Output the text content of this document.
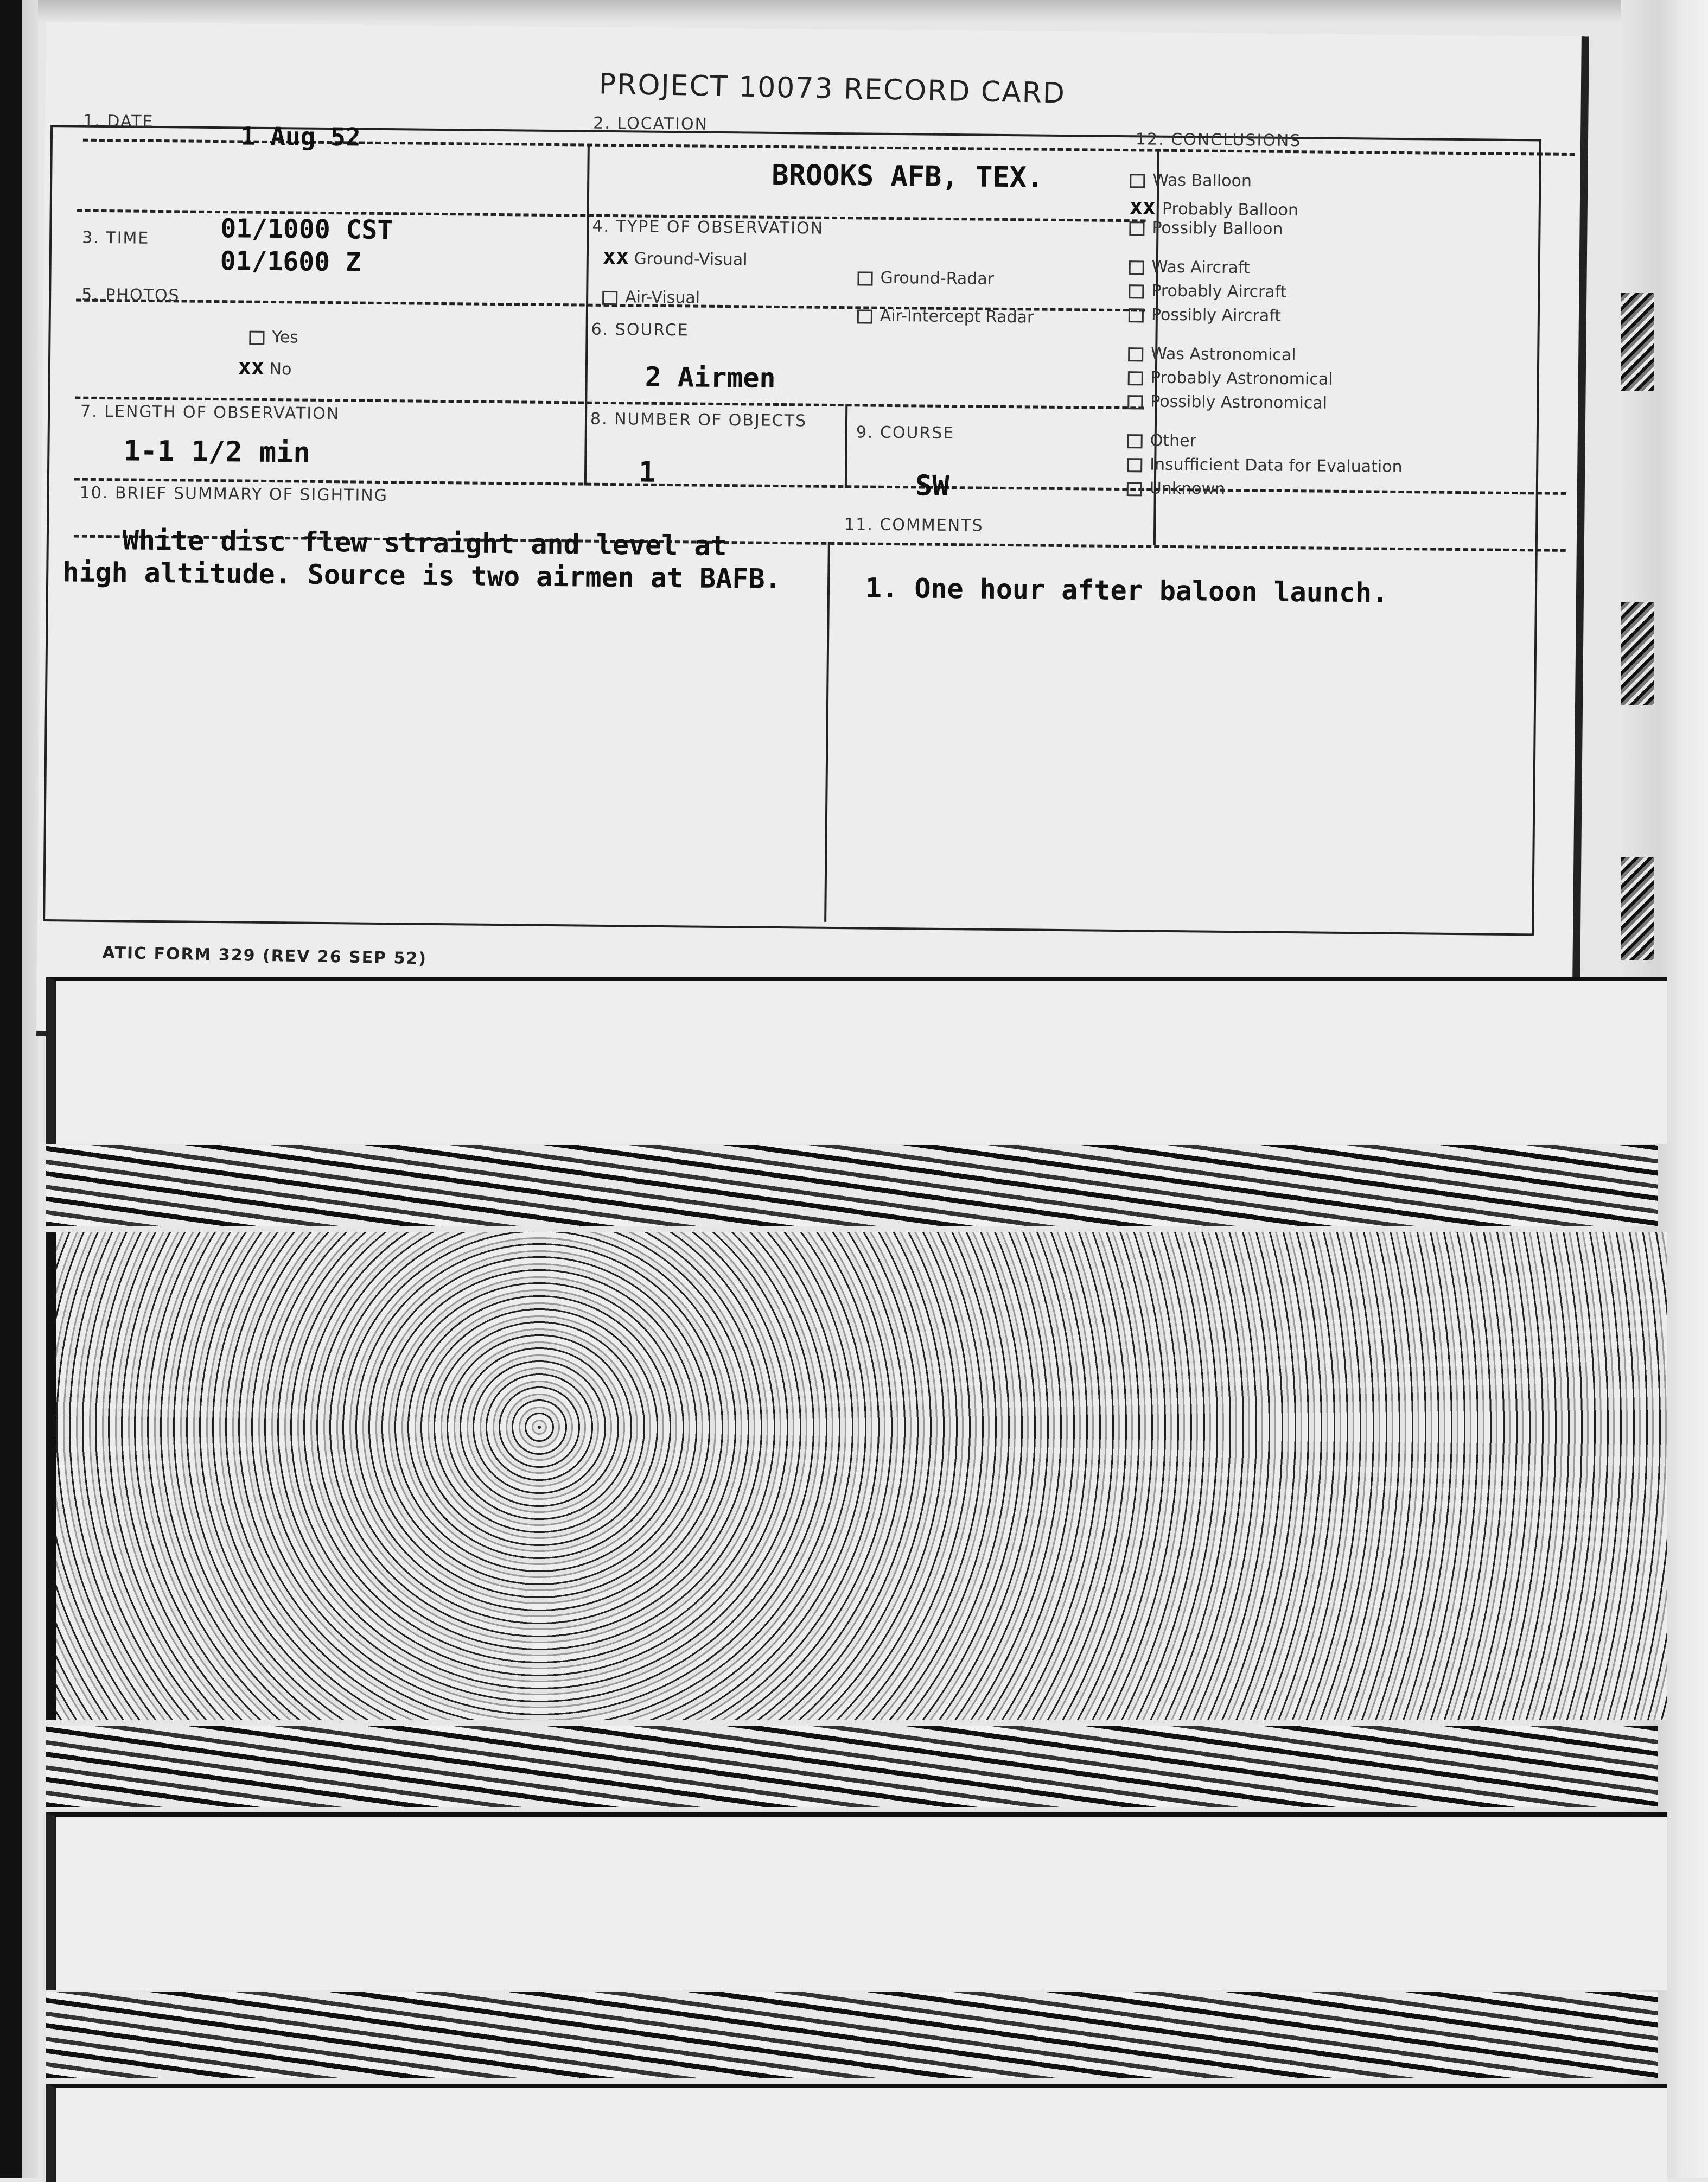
PROJECT 10073 RECORD CARD
1. DATE	1 Aug 52	2. LOCATION
BROOKS AFB, TEX.
3. TIME	01/1000 CST
01/1600 Z
4. TYPE OF OBSERVATION
xx Ground-Visual
Ground-Radar
Air-Visual
Air-Intercept Radar
5. PHOTOS
Yes
xx No
6. SOURCE
2 Airmen
7. LENGTH OF OBSERVATION
1-1 1/2 min
8. NUMBER OF OBJECTS
1
9. COURSE
SW
10. BRIEF SUMMARY OF SIGHTING
White disc flew straight and level at
high altitude. Source is two airmen at BAFB.
11. COMMENTS
1. One hour after baloon launch.
12. CONCLUSIONS
Was Balloon
xx Probably Balloon
Possibly Balloon
Was Aircraft
Probably Aircraft
Possibly Aircraft
Was Astronomical
Probably Astronomical
Possibly Astronomical
Other
Insufficient Data for Evaluation
Unknown
ATIC FORM 329 (REV 26 SEP 52)
